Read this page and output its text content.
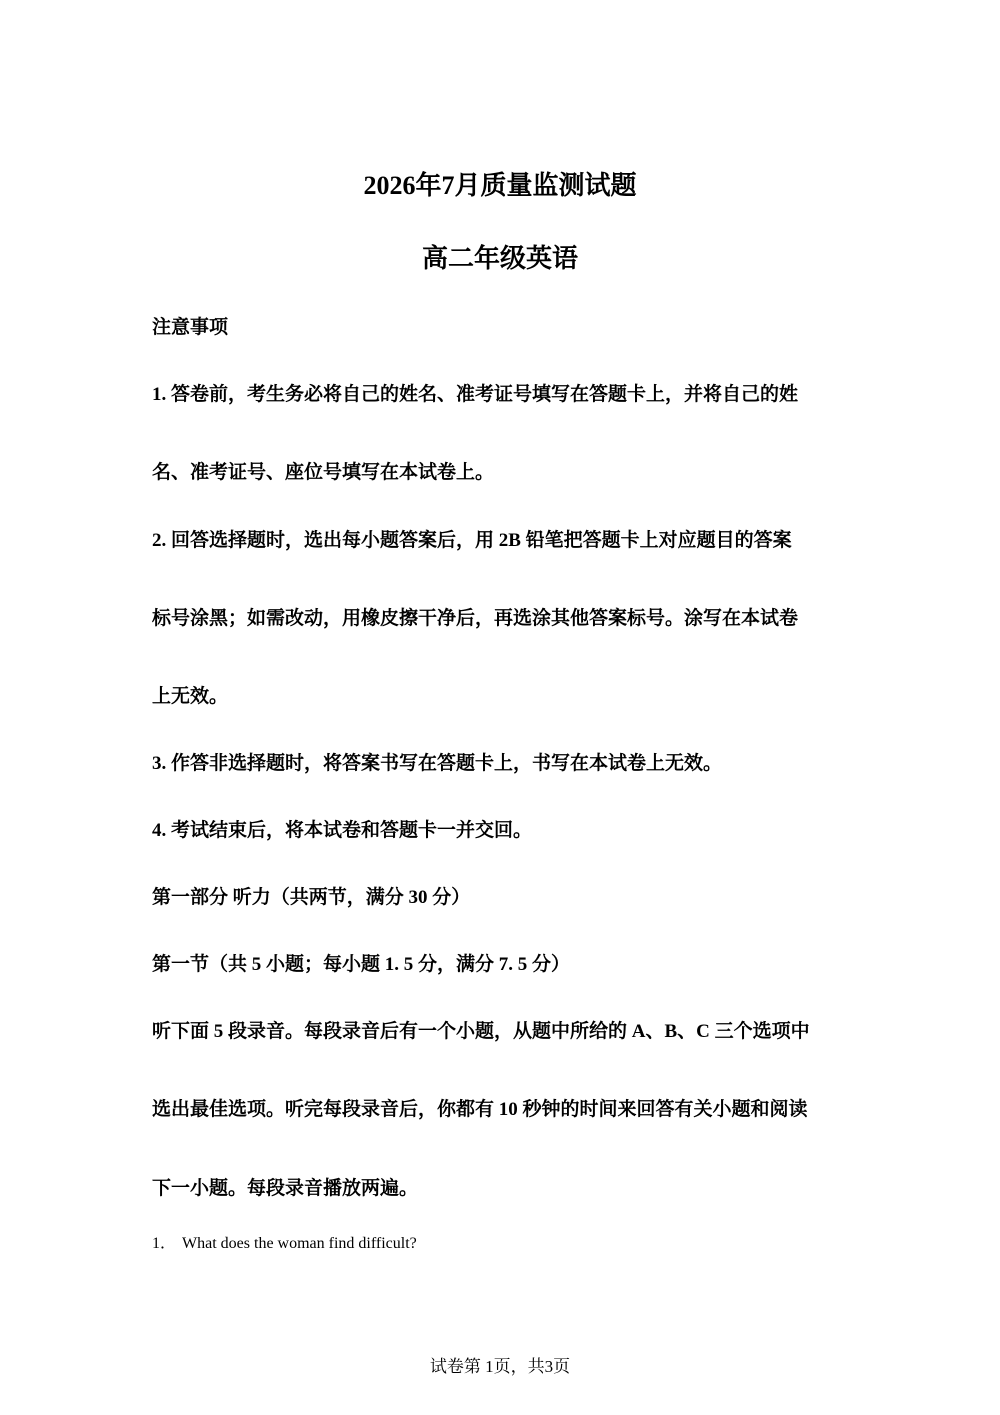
2026年7月质量监测试题
高二年级英语
注意事项
1. 答卷前，考生务必将自己的姓名、准考证号填写在答题卡上，并将自己的姓
名、准考证号、座位号填写在本试卷上。
2. 回答选择题时，选出每小题答案后，用 2B 铅笔把答题卡上对应题目的答案
标号涂黑；如需改动，用橡皮擦干净后，再选涂其他答案标号。涂写在本试卷
上无效。
3. 作答非选择题时，将答案书写在答题卡上，书写在本试卷上无效。
4. 考试结束后，将本试卷和答题卡一并交回。
第一部分 听力（共两节，满分 30 分）
第一节（共 5 小题；每小题 1. 5 分，满分 7. 5 分）
听下面 5 段录音。每段录音后有一个小题，从题中所给的 A、B、C 三个选项中
选出最佳选项。听完每段录音后，你都有 10 秒钟的时间来回答有关小题和阅读
下一小题。每段录音播放两遍。
1． What does the woman find difficult?
试卷第 1页，共3页
